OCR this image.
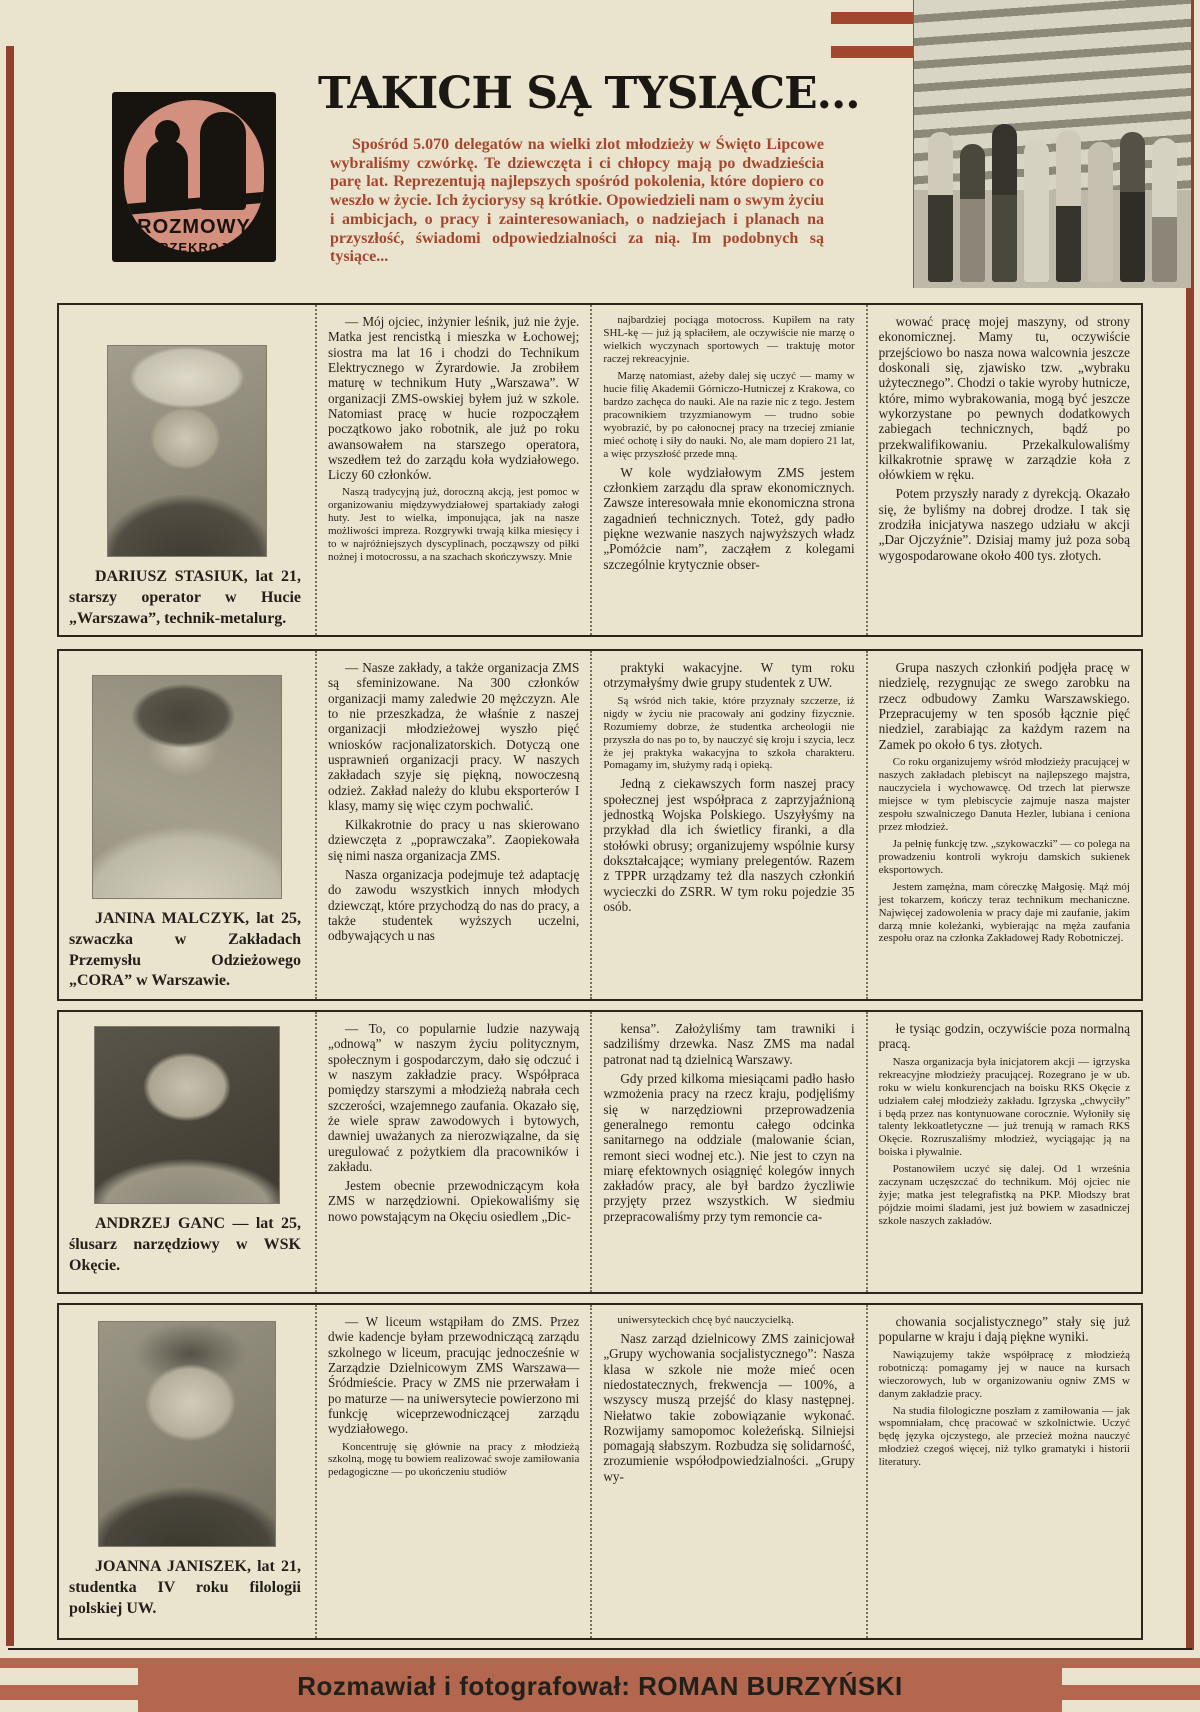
ROZMOWY
„PRZEKROJU”
TAKICH SĄ TYSIĄCE...

Spośród 5.070 delegatów na wielki zlot młodzieży w Święto Lipcowe wybraliśmy czwórkę. Te dziewczęta i ci chłopcy mają po dwadzieścia parę lat. Reprezentują najlepszych spośród pokolenia, które dopiero co weszło w życie. Ich życiorysy są krótkie. Opowiedzieli nam o swym życiu i ambicjach, o pracy i zainteresowaniach, o nadziejach i planach na przyszłość, świadomi odpowiedzialności za nią. Im podobnych są tysiące...

DARIUSZ STASIUK, lat 21, starszy operator w Hucie „Warszawa”, technik-metalurg.

— Mój ojciec, inżynier leśnik, już nie żyje. Matka jest rencistką i mieszka w Łochowej; siostra ma lat 16 i chodzi do Technikum Elektrycznego w Żyrardowie. Ja zrobiłem maturę w technikum Huty „Warszawa”. W organizacji ZMS-owskiej byłem już w szkole. Natomiast pracę w hucie rozpocząłem początkowo jako robotnik, ale już po roku awansowałem na starszego operatora, wszedłem też do zarządu koła wydziałowego. Liczy 60 członków.

Naszą tradycyjną już, doroczną akcją, jest pomoc w organizowaniu międzywydziałowej spartakiady załogi huty. Jest to wielka, imponująca, jak na nasze możliwości impreza. Rozgrywki trwają kilka miesięcy i to w najróżniejszych dyscyplinach, począwszy od piłki nożnej i motocrossu, a na szachach skończywszy. Mnie

najbardziej pociąga motocross. Kupiłem na raty SHL-kę — już ją spłaciłem, ale oczywiście nie marzę o wielkich wyczynach sportowych — traktuję motor raczej rekreacyjnie.

Marzę natomiast, ażeby dalej się uczyć — mamy w hucie filię Akademii Górniczo-Hutniczej z Krakowa, co bardzo zachęca do nauki. Ale na razie nic z tego. Jestem pracownikiem trzyzmianowym — trudno sobie wyobrazić, by po całonocnej pracy na trzeciej zmianie mieć ochotę i siły do nauki. No, ale mam dopiero 21 lat, a więc przyszłość przede mną.

W kole wydziałowym ZMS jestem członkiem zarządu dla spraw ekonomicznych. Zawsze interesowała mnie ekonomiczna strona zagadnień technicznych. Toteż, gdy padło piękne wezwanie naszych najwyższych władz „Pomóżcie nam”, zacząłem z kolegami szczególnie krytycznie obser-

wować pracę mojej maszyny, od strony ekonomicznej. Mamy tu, oczywiście przejściowo bo nasza nowa walcownia jeszcze doskonali się, zjawisko tzw. „wybraku użytecznego”. Chodzi o takie wyroby hutnicze, które, mimo wybrakowania, mogą być jeszcze wykorzystane po pewnych dodatkowych zabiegach technicznych, bądź po przekwalifikowaniu. Przekalkulowaliśmy kilkakrotnie sprawę w zarządzie koła z ołówkiem w ręku.

Potem przyszły narady z dyrekcją. Okazało się, że byliśmy na dobrej drodze. I tak się zrodziła inicjatywa naszego udziału w akcji „Dar Ojczyźnie”. Dzisiaj mamy już poza sobą wygospodarowane około 400 tys. złotych.

JANINA MALCZYK, lat 25, szwaczka w Zakładach Przemysłu Odzieżowego „CORA” w Warszawie.

— Nasze zakłady, a także organizacja ZMS są sfeminizowane. Na 300 członków organizacji mamy zaledwie 20 mężczyzn. Ale to nie przeszkadza, że właśnie z naszej organizacji młodzieżowej wyszło pięć wniosków racjonalizatorskich. Dotyczą one usprawnień organizacji pracy. W naszych zakładach szyje się piękną, nowoczesną odzież. Zakład należy do klubu eksporterów I klasy, mamy się więc czym pochwalić.

Kilkakrotnie do pracy u nas skierowano dziewczęta z „poprawczaka”. Zaopiekowała się nimi nasza organizacja ZMS.

Nasza organizacja podejmuje też adaptację do zawodu wszystkich innych młodych dziewcząt, które przychodzą do nas do pracy, a także studentek wyższych uczelni, odbywających u nas

praktyki wakacyjne. W tym roku otrzymałyśmy dwie grupy studentek z UW.

Są wśród nich takie, które przyznały szczerze, iż nigdy w życiu nie pracowały ani godziny fizycznie. Rozumiemy dobrze, że studentka archeologii nie przyszła do nas po to, by nauczyć się kroju i szycia, lecz że jej praktyka wakacyjna to szkoła charakteru. Pomagamy im, służymy radą i opieką.

Jedną z ciekawszych form naszej pracy społecznej jest współpraca z zaprzyjaźnioną jednostką Wojska Polskiego. Uszyłyśmy na przykład dla ich świetlicy firanki, a dla stołówki obrusy; organizujemy wspólnie kursy dokształcające; wymiany prelegentów. Razem z TPPR urządzamy też dla naszych członkiń wycieczki do ZSRR. W tym roku pojedzie 35 osób.

Grupa naszych członkiń podjęła pracę w niedzielę, rezygnując ze swego zarobku na rzecz odbudowy Zamku Warszawskiego. Przepracujemy w ten sposób łącznie pięć niedziel, zarabiając za każdym razem na Zamek po około 6 tys. złotych.

Co roku organizujemy wśród młodzieży pracującej w naszych zakładach plebiscyt na najlepszego majstra, nauczyciela i wychowawcę. Od trzech lat pierwsze miejsce w tym plebiscycie zajmuje nasza majster zespołu szwalniczego Danuta Hezler, lubiana i ceniona przez młodzież.

Ja pełnię funkcję tzw. „szykowaczki” — co polega na prowadzeniu kontroli wykroju damskich sukienek eksportowych.

Jestem zamężna, mam córeczkę Małgosię. Mąż mój jest tokarzem, kończy teraz technikum mechaniczne. Najwięcej zadowolenia w pracy daje mi zaufanie, jakim darzą mnie koleżanki, wybierając na męża zaufania zespołu oraz na członka Zakładowej Rady Robotniczej.

ANDRZEJ GANC — lat 25, ślusarz narzędziowy w WSK Okęcie.

— To, co popularnie ludzie nazywają „odnową” w naszym życiu politycznym, społecznym i gospodarczym, dało się odczuć i w naszym zakładzie pracy. Współpraca pomiędzy starszymi a młodzieżą nabrała cech szczerości, wzajemnego zaufania. Okazało się, że wiele spraw zawodowych i bytowych, dawniej uważanych za nierozwiązalne, da się uregulować z pożytkiem dla pracowników i zakładu.

Jestem obecnie przewodniczącym koła ZMS w narzędziowni. Opiekowaliśmy się nowo powstającym na Okęciu osiedlem „Dic-

kensa”. Założyliśmy tam trawniki i sadziliśmy drzewka. Nasz ZMS ma nadal patronat nad tą dzielnicą Warszawy.

Gdy przed kilkoma miesiącami padło hasło wzmożenia pracy na rzecz kraju, podjęliśmy się w narzędziowni przeprowadzenia generalnego remontu całego odcinka sanitarnego na oddziale (malowanie ścian, remont sieci wodnej etc.). Nie jest to czyn na miarę efektownych osiągnięć kolegów innych zakładów pracy, ale był bardzo życzliwie przyjęty przez wszystkich. W siedmiu przepracowaliśmy przy tym remoncie ca-

łe tysiąc godzin, oczywiście poza normalną pracą.

Nasza organizacja była inicjatorem akcji — igrzyska rekreacyjne młodzieży pracującej. Rozegrano je w ub. roku w wielu konkurencjach na boisku RKS Okęcie z udziałem całej młodzieży zakładu. Igrzyska „chwyciły” i będą przez nas kontynuowane corocznie. Wyłoniły się talenty lekkoatletyczne — już trenują w ramach RKS Okęcie. Rozruszaliśmy młodzież, wyciągając ją na boiska i pływalnie.

Postanowiłem uczyć się dalej. Od 1 września zaczynam uczęszczać do technikum. Mój ojciec nie żyje; matka jest telegrafistką na PKP. Młodszy brat pójdzie moimi śladami, jest już bowiem w zasadniczej szkole naszych zakładów.

JOANNA JANISZEK, lat 21, studentka IV roku filologii polskiej UW.

— W liceum wstąpiłam do ZMS. Przez dwie kadencje byłam przewodniczącą zarządu szkolnego w liceum, pracując jednocześnie w Zarządzie Dzielnicowym ZMS Warszawa—Śródmieście. Pracy w ZMS nie przerwałam i po maturze — na uniwersytecie powierzono mi funkcję wiceprzewodniczącej zarządu wydziałowego.

Koncentruję się głównie na pracy z młodzieżą szkolną, mogę tu bowiem realizować swoje zamiłowania pedagogiczne — po ukończeniu studiów

uniwersyteckich chcę być nauczycielką.

Nasz zarząd dzielnicowy ZMS zainicjował „Grupy wychowania socjalistycznego”: Nasza klasa w szkole nie może mieć ocen niedostatecznych, frekwencja — 100%, a wszyscy muszą przejść do klasy następnej. Niełatwo takie zobowiązanie wykonać. Rozwijamy samopomoc koleżeńską. Silniejsi pomagają słabszym. Rozbudza się solidarność, zrozumienie współodpowiedzialności. „Grupy wy-

chowania socjalistycznego” stały się już popularne w kraju i dają piękne wyniki.

Nawiązujemy także współpracę z młodzieżą robotniczą: pomagamy jej w nauce na kursach wieczorowych, lub w organizowaniu ogniw ZMS w danym zakładzie pracy.

Na studia filologiczne poszłam z zamiłowania — jak wspomniałam, chcę pracować w szkolnictwie. Uczyć będę języka ojczystego, ale przecież można nauczyć młodzież czegoś więcej, niż tylko gramatyki i historii literatury.

Rozmawiał i fotografował: ROMAN BURZYŃSKI
